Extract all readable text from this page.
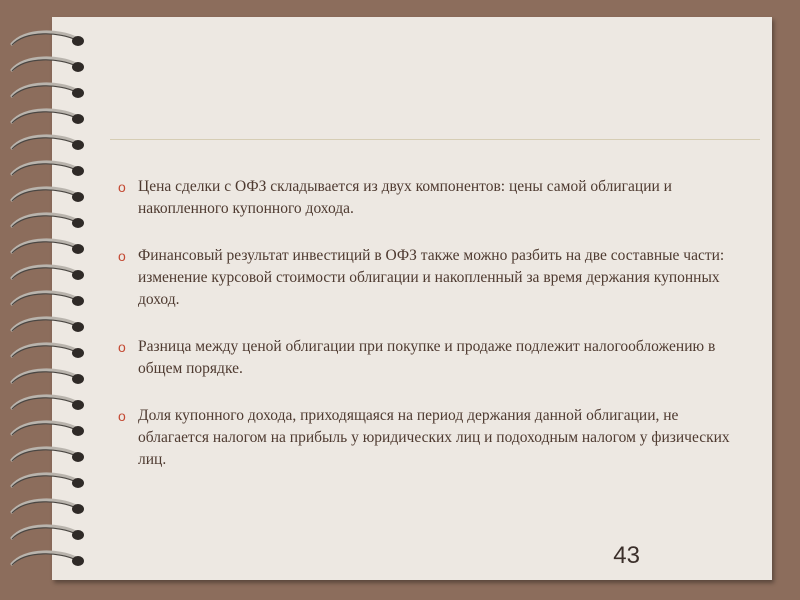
o Цена сделки с ОФЗ складывается из двух компонентов: цены самой облигации и накопленного купонного дохода.
o Финансовый результат инвестиций в ОФЗ также можно разбить на две составные части: изменение курсовой стоимости облигации и накопленный за время держания купонных доход.
o Разница между ценой облигации при покупке и продаже подлежит налогообложению в общем порядке.
o Доля купонного дохода, приходящаяся на период держания данной облигации, не облагается налогом на прибыль у юридических лиц и подоходным налогом у физических лиц.
43
